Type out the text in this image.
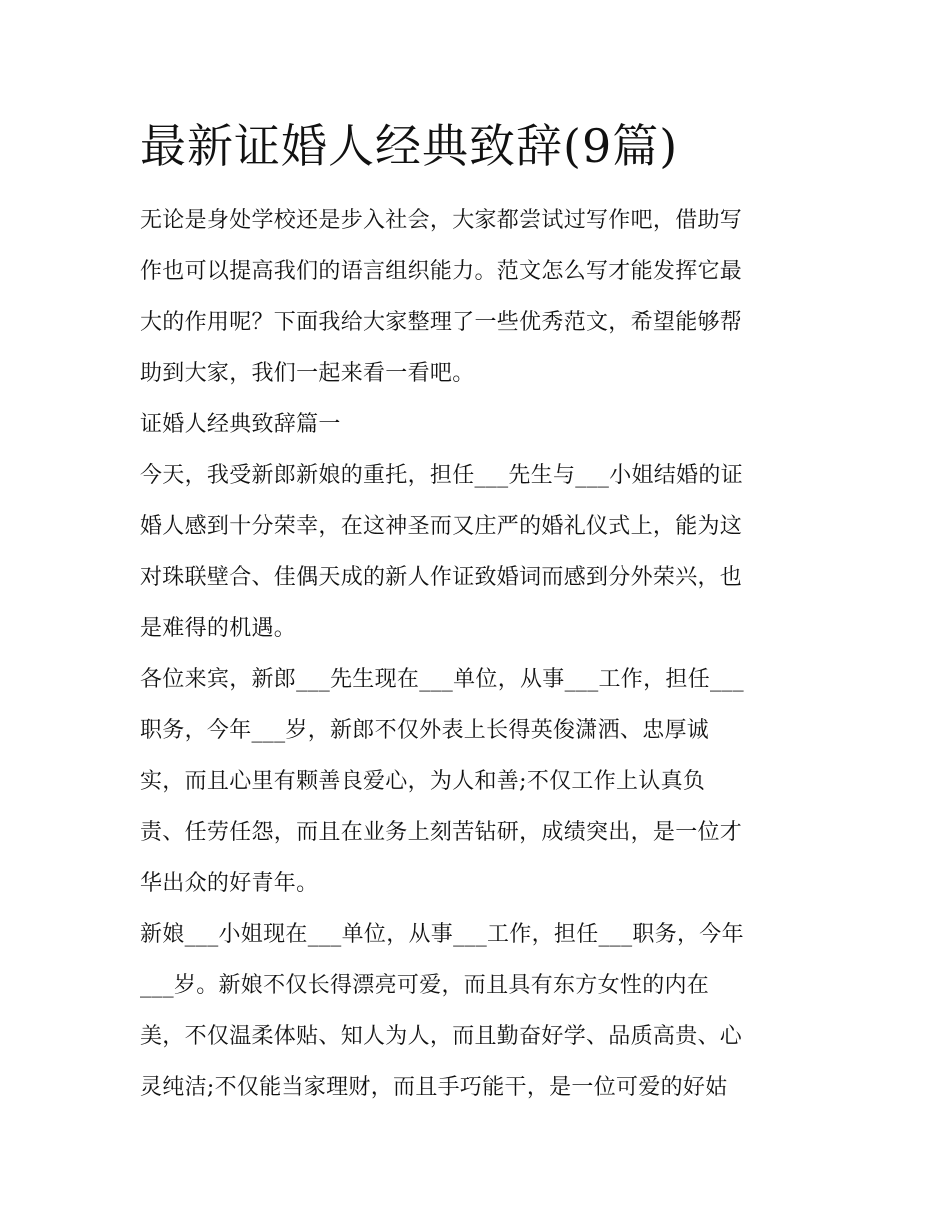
最新证婚人经典致辞(9篇)

无论是身处学校还是步入社会，大家都尝试过写作吧，借助写

作也可以提高我们的语言组织能力。范文怎么写才能发挥它最

大的作用呢？下面我给大家整理了一些优秀范文，希望能够帮

助到大家，我们一起来看一看吧。

证婚人经典致辞篇一

今天，我受新郎新娘的重托，担任___先生与___小姐结婚的证

婚人感到十分荣幸，在这神圣而又庄严的婚礼仪式上，能为这

对珠联壁合、佳偶天成的新人作证致婚词而感到分外荣兴，也

是难得的机遇。

各位来宾，新郎___先生现在___单位，从事___工作，担任___

职务，今年___岁，新郎不仅外表上长得英俊潇洒、忠厚诚

实，而且心里有颗善良爱心，为人和善;不仅工作上认真负

责、任劳任怨，而且在业务上刻苦钻研，成绩突出，是一位才

华出众的好青年。

新娘___小姐现在___单位，从事___工作，担任___职务，今年

___岁。新娘不仅长得漂亮可爱，而且具有东方女性的内在

美，不仅温柔体贴、知人为人，而且勤奋好学、品质高贵、心

灵纯洁;不仅能当家理财，而且手巧能干，是一位可爱的好姑
